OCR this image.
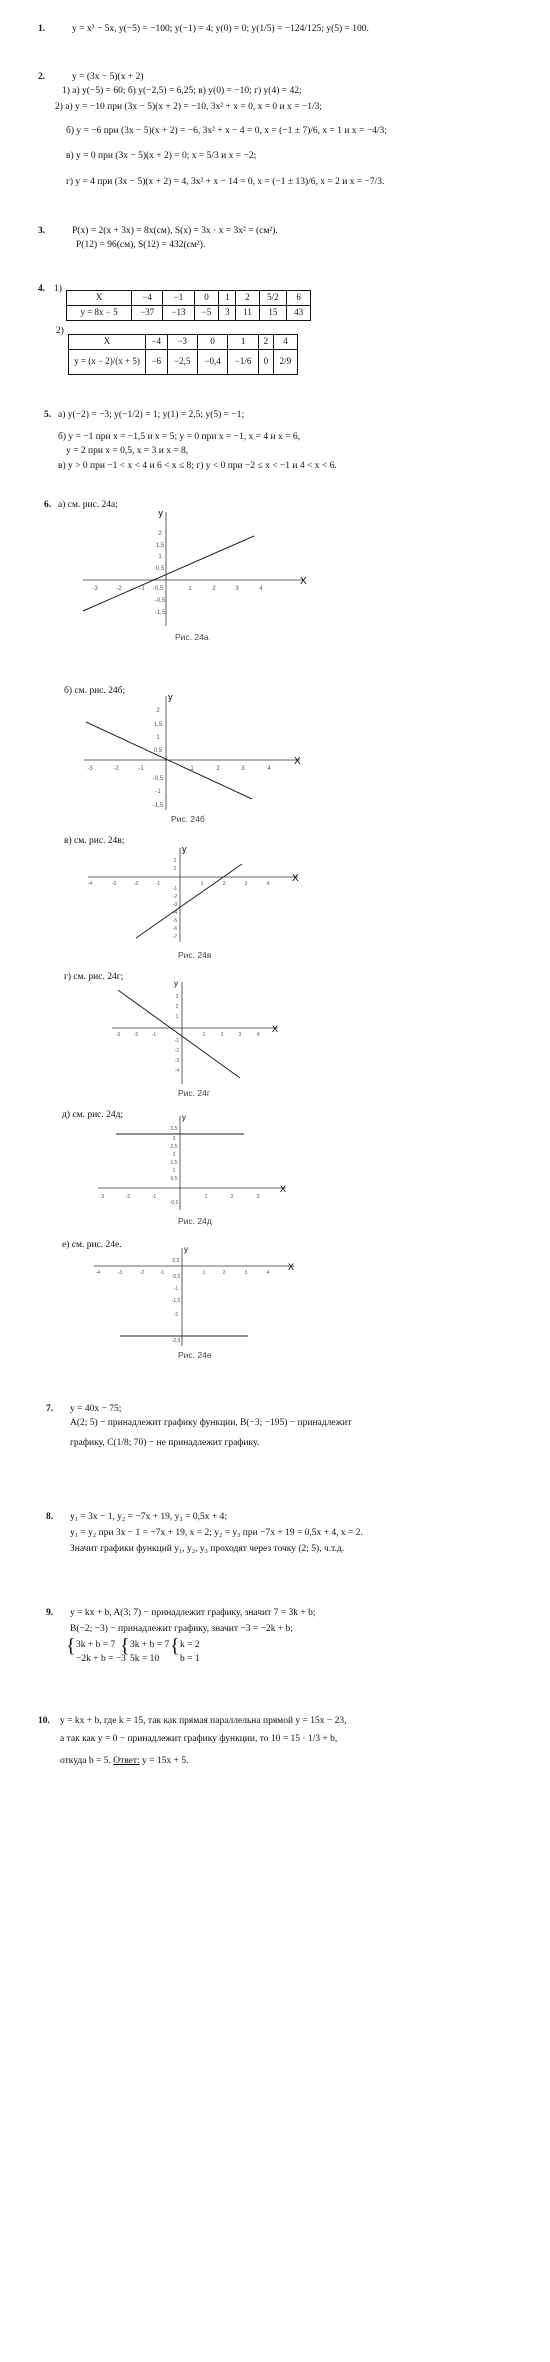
1.	y = x³ − 5x, y(−5) = −100; y(−1) = 4; y(0) = 0; y(1/5) = −124/125; y(5) = 100.
2.	y = (3x − 5)(x + 2)
1) а) y(−5) = 60; б) y(−2,5) = 6,25; в) y(0) = −10; г) y(4) = 42;
2) а) y = −10 при (3x − 5)(x + 2) = −10, 3x² + x = 0, x = 0 и x = −1/3;
б) y = −6 при (3x − 5)(x + 2) = −6, 3x² + x − 4 = 0, x = (−1 ± 7)/6, x = 1 и x = −4/3;
в) y = 0 при (3x − 5)(x + 2) = 0; x = 5/3 и x = −2;
г) y = 4 при (3x − 5)(x + 2) = 4, 3x² + x − 14 = 0, x = (−1 ± 13)/6, x = 2 и x = −7/3.
3.	P(x) = 2(x + 3x) = 8x(см), S(x) = 3x · x = 3x² = (см²).
P(12) = 96(см), S(12) = 432(см²).
4. 1)
X	−4	−1	0	1	2	5/2	6
y = 8x − 5	−37	−13	−5	3	11	15	43
2)
X	−4	−3	0	1	2	4
y = (x − 2)/(x + 5)	−6	−2,5	−0,4	−1/6	0	2/9
5. а) y(−2) = −3; y(−1/2) = 1; y(1) = 2,5; y(5) = −1;
б) y = −1 при x = −1,5 и x = 5; y = 0 при x = −1, x = 4 и x = 6,
y = 2 при x = 0,5, x = 3 и x = 8,
в) y > 0 при −1 < x < 4 и 6 < x ≤ 8; г) y < 0 при −2 ≤ x < −1 и 4 < x < 6.
6. а) см. рис. 24а;
y
X
-3	-2	-1 -0,5	1	2	3	4
2
1,5
1
0,5
-0,5
-1,5
Рис. 24а
б) см. рис. 24б;
y
X
-3	-2	-1	1	2	3	4
2
1,5
1
0,5
-0,5
-1
-1,5
Рис. 24б
в) см. рис. 24в;
y
X
-4	-3	-2	-1	1	2	3	4
2
1
-1
-2
-3
-4
-5
-6
-7
Рис. 24в
г) см. рис. 24г;
y
X
-3	-2	-1	1	2	3	4
3
2
1
-1
-2
-3
-4
Рис. 24г
д) см. рис. 24д;	y
X
-3	-2	-1	1	2	3
3,5
3
2,5
2
1,5
1
0,5
-0,5
Рис. 24д
е) см. рис. 24е.	y
X
-4	-3	-2	-1	1	2	3	4
0,5
-0,5
-1
-1,5
-2
-2,5
Рис. 24е
7. y = 40x − 75;
A(2; 5) − принадлежит графику функции, B(−3; −195) − принадлежит
графику, C(1/8; 70) − не принадлежит графику.
8. y₁ = 3x − 1, y₂ = −7x + 19, y₃ = 0,5x + 4;
y₁ = y₂ при 3x − 1 = −7x + 19, x = 2; y₂ = y₃ при −7x + 19 = 0,5x + 4, x = 2.
Значит графики функций y₁, y₂, y₃ проходят через точку (2; 5), ч.т.д.
9. y = kx + b, A(3; 7) − принадлежит графику, значит 7 = 3k + b;
B(−2; −3) − принадлежит графику, значит −3 = −2k + b;
{ 3k + b = 7
−2k + b = −3
{ 3k + b = 7
5k = 10
{ k = 2
b = 1
10. y = kx + b, где k = 15, так как прямая параллельна прямой y = 15x − 23,
а так как y = 0 − принадлежит графику функции, то 10 = 15 · 1/3 + b,
откуда b = 5. Ответ: y = 15x + 5.
